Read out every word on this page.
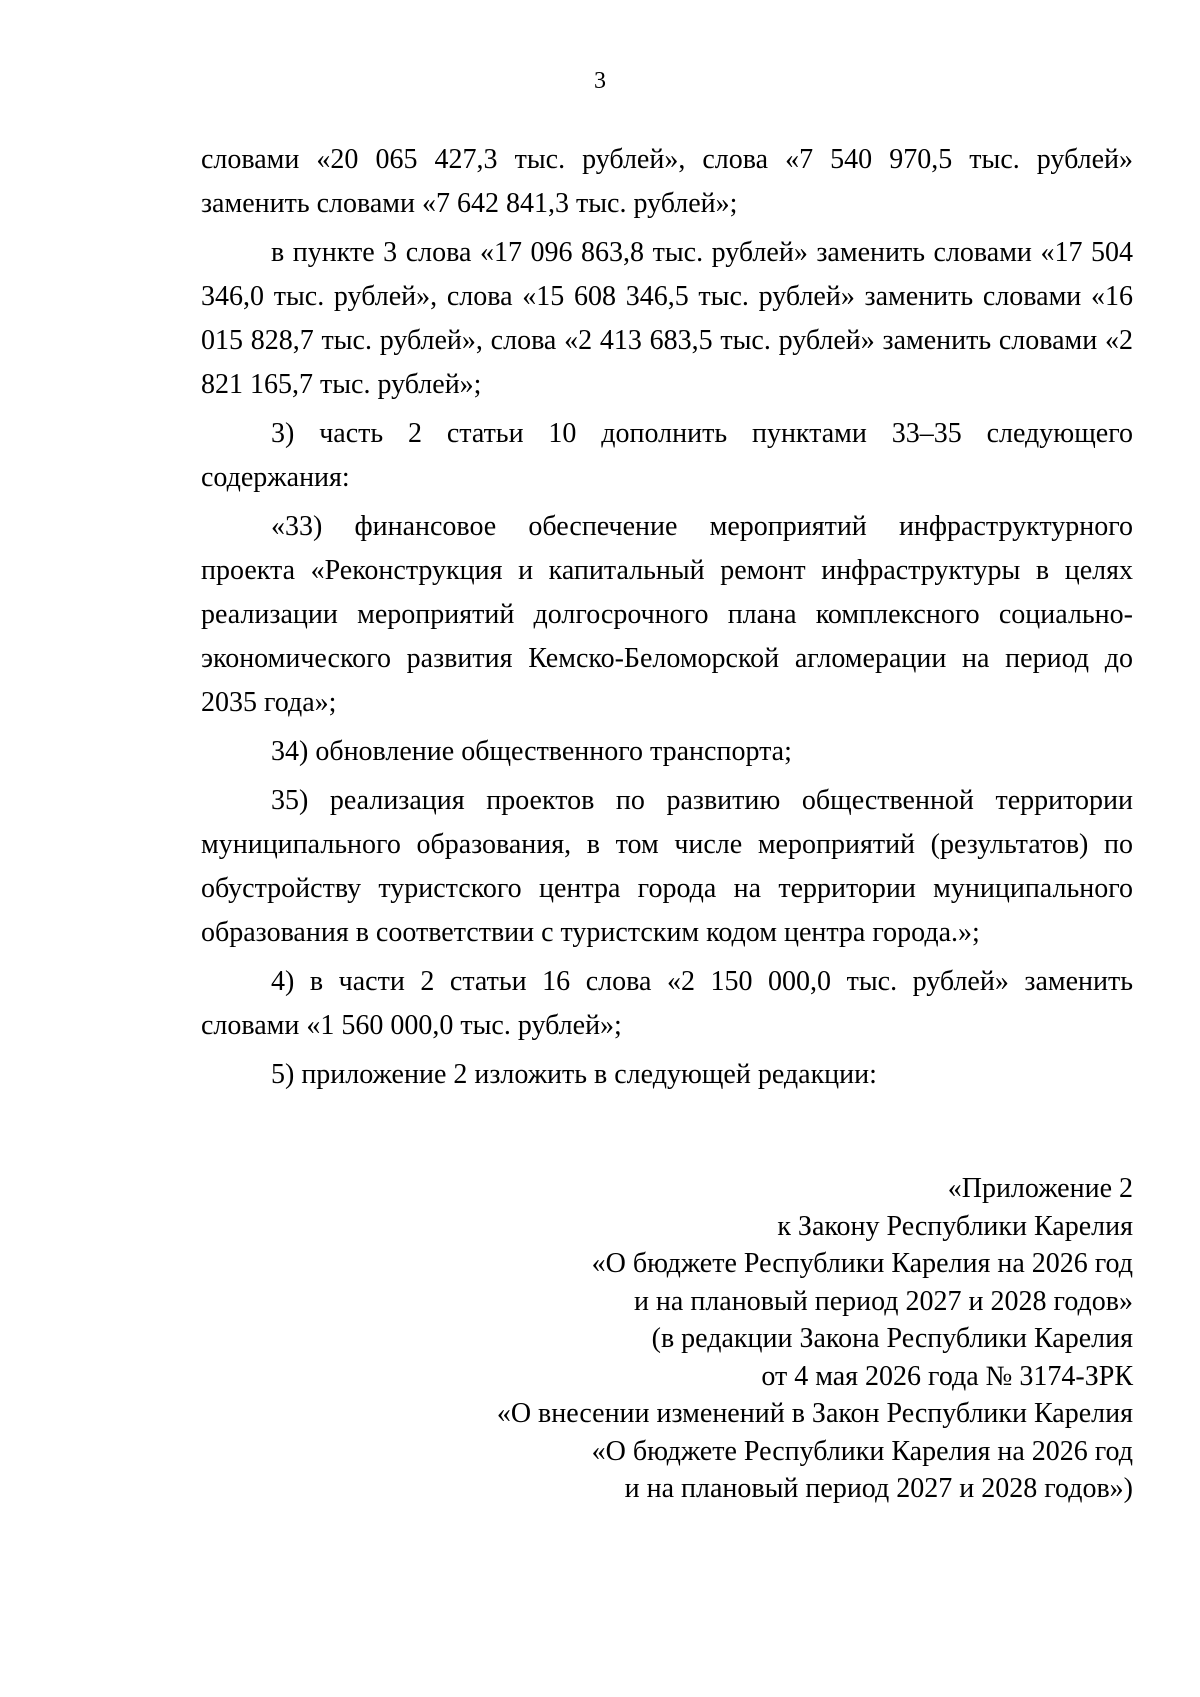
3

словами «20 065 427,3 тыс. рублей», слова «7 540 970,5 тыс. рублей» заменить словами «7 642 841,3 тыс. рублей»;

в пункте 3 слова «17 096 863,8 тыс. рублей» заменить словами «17 504 346,0 тыс. рублей», слова «15 608 346,5 тыс. рублей» заменить словами «16 015 828,7 тыс. рублей», слова «2 413 683,5 тыс. рублей» заменить словами «2 821 165,7 тыс. рублей»;

3) часть 2 статьи 10 дополнить пунктами 33–35 следующего содержания:

«33) финансовое обеспечение мероприятий инфраструктурного проекта «Реконструкция и капитальный ремонт инфраструктуры в целях реализации мероприятий долгосрочного плана комплексного социально-экономического развития Кемско-Беломорской агломерации на период до 2035 года»;

34) обновление общественного транспорта;

35) реализация проектов по развитию общественной территории муниципального образования, в том числе мероприятий (результатов) по обустройству туристского центра города на территории муниципального образования в соответствии с туристским кодом центра города.»;

4) в части 2 статьи 16 слова «2 150 000,0 тыс. рублей» заменить словами «1 560 000,0 тыс. рублей»;

5) приложение 2 изложить в следующей редакции:

«Приложение 2
к Закону Республики Карелия
«О бюджете Республики Карелия на 2026 год
и на плановый период 2027 и 2028 годов»
(в редакции Закона Республики Карелия
от 4 мая 2026 года № 3174-ЗРК
«О внесении изменений в Закон Республики Карелия
«О бюджете Республики Карелия на 2026 год
и на плановый период 2027 и 2028 годов»)
